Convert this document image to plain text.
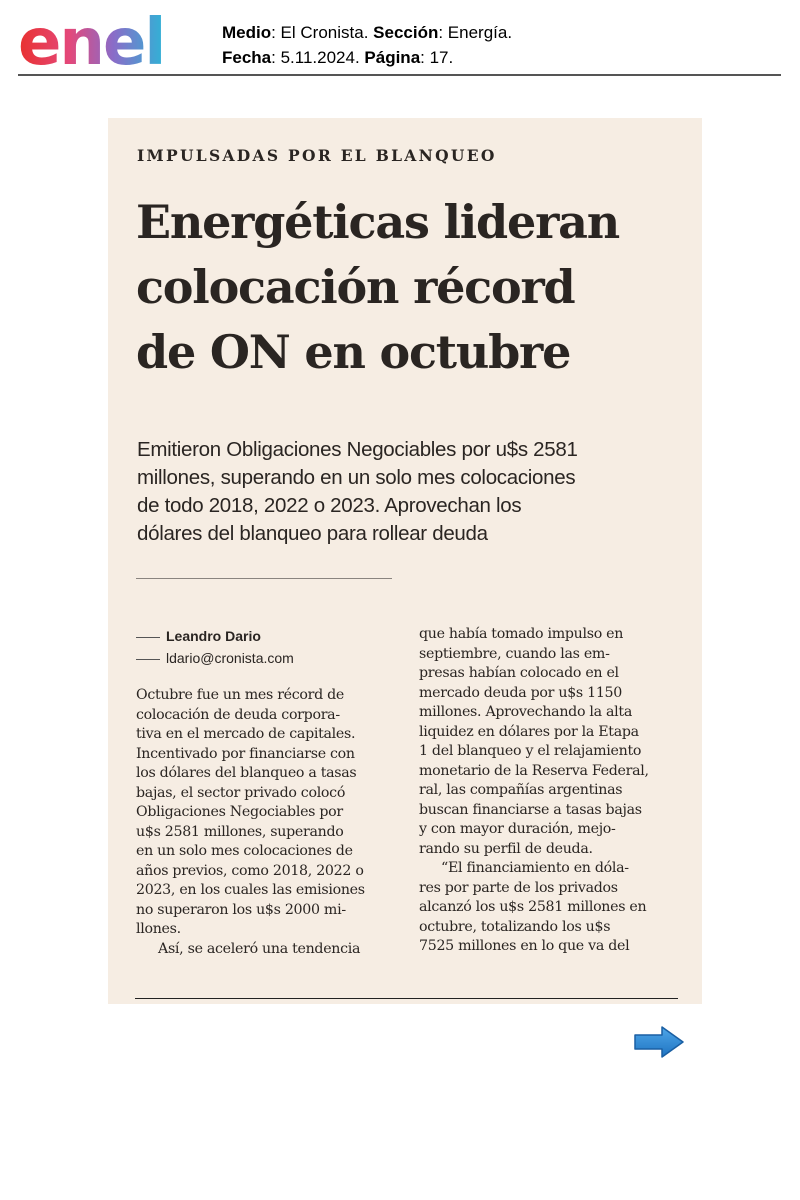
enel	Medio: El Cronista. Sección: Energía.
Fecha: 5.11.2024. Página: 17.
IMPULSADAS POR EL BLANQUEO
Energéticas lideran
colocación récord
de ON en octubre
Emitieron Obligaciones Negociables por u$s 2581
millones, superando en un solo mes colocaciones
de todo 2018, 2022 o 2023. Aprovechan los
dólares del blanqueo para rollear deuda
Leandro Dario
ldario@cronista.com
Octubre fue un mes récord de
colocación de deuda corpora-
tiva en el mercado de capitales.
Incentivado por financiarse con
los dólares del blanqueo a tasas
bajas, el sector privado colocó
Obligaciones Negociables por
u$s 2581 millones, superando
en un solo mes colocaciones de
años previos, como 2018, 2022 o
2023, en los cuales las emisiones
no superaron los u$s 2000 mi-
llones.
Así, se aceleró una tendencia
que había tomado impulso en
septiembre, cuando las em-
presas habían colocado en el
mercado deuda por u$s 1150
millones. Aprovechando la alta
liquidez en dólares por la Etapa
1 del blanqueo y el relajamiento
monetario de la Reserva Federal,
ral, las compañías argentinas
buscan financiarse a tasas bajas
y con mayor duración, mejo-
rando su perfil de deuda.
“El financiamiento en dóla-
res por parte de los privados
alcanzó los u$s 2581 millones en
octubre, totalizando los u$s
7525 millones en lo que va del
